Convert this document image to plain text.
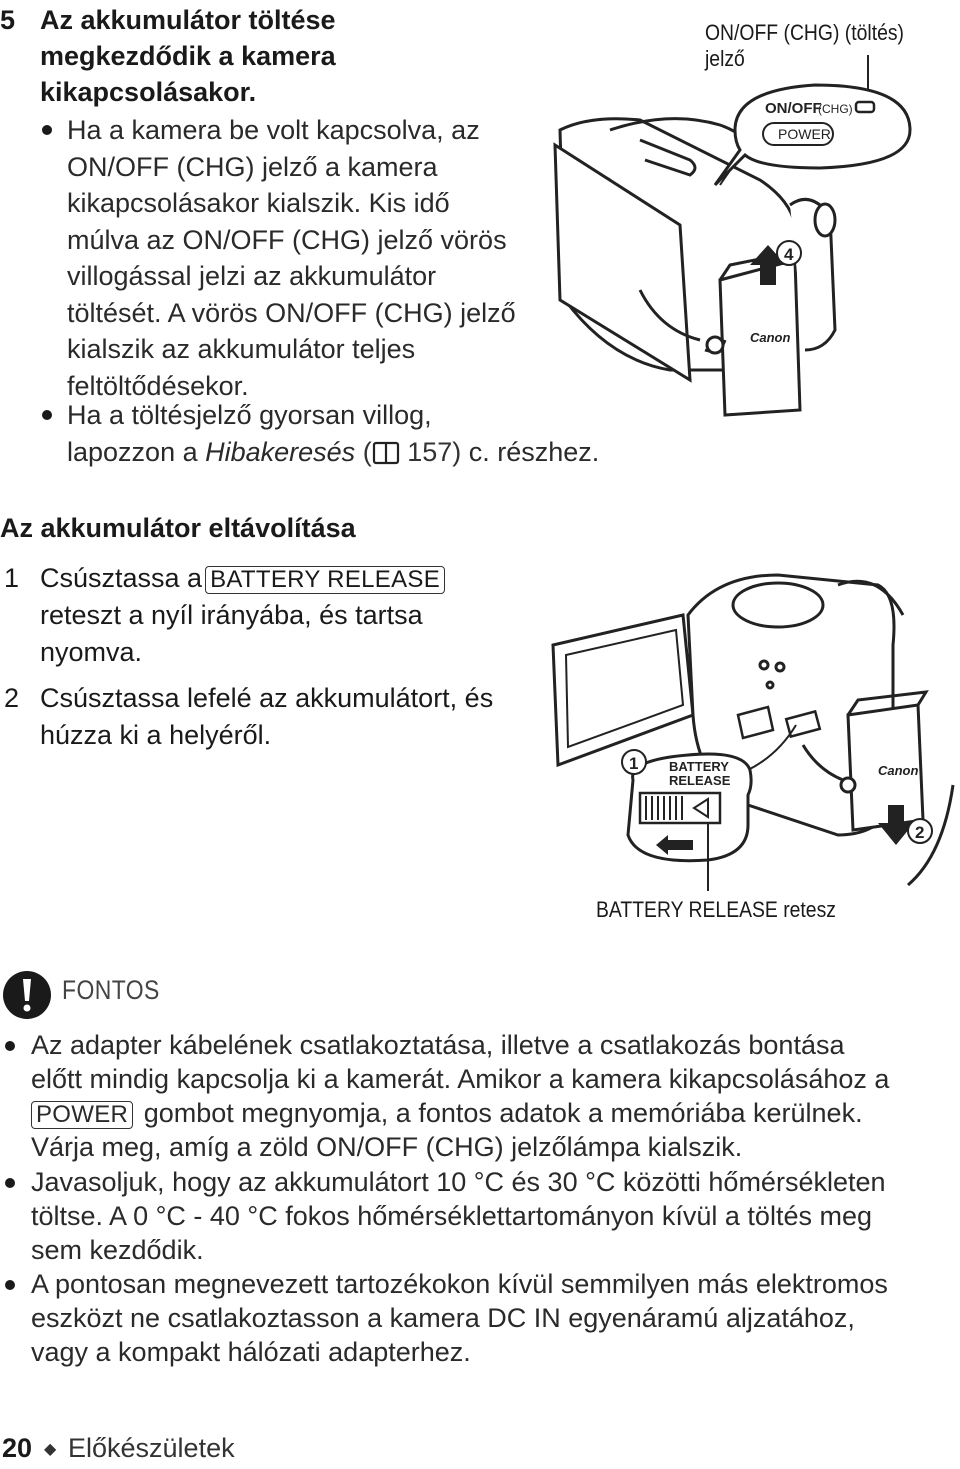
5 Az akkumulátor töltése
megkezdődik a kamera
kikapcsolásakor.
Ha a kamera be volt kapcsolva, az
ON/OFF (CHG) jelző a kamera
kikapcsolásakor kialszik. Kis idő
múlva az ON/OFF (CHG) jelző vörös
villogással jelzi az akkumulátor
töltését. A vörös ON/OFF (CHG) jelző
kialszik az akkumulátor teljes
feltöltődésekor.
Ha a töltésjelző gyorsan villog,
lapozzon a Hibakeresés ( 157) c. részhez.
ON/OFF (CHG) (töltés) jelző
Canon
4
ON/OFF
(CHG)
POWER
Az akkumulátor eltávolítása
1 Csúsztassa a BATTERY RELEASE
reteszt a nyíl irányába, és tartsa
nyomva.
2 Csúsztassa lefelé az akkumulátort, és
húzza ki a helyéről.
Canon
2
1 BATTERY
RELEASE
BATTERY RELEASE retesz
FONTOS
Az adapter kábelének csatlakoztatása, illetve a csatlakozás bontása
előtt mindig kapcsolja ki a kamerát. Amikor a kamera kikapcsolásához a
POWER gombot megnyomja, a fontos adatok a memóriába kerülnek.
Várja meg, amíg a zöld ON/OFF (CHG) jelzőlámpa kialszik.
Javasoljuk, hogy az akkumulátort 10 °C és 30 °C közötti hőmérsékleten
töltse. A 0 °C - 40 °C fokos hőmérséklettartományon kívül a töltés meg
sem kezdődik.
A pontosan megnevezett tartozékokon kívül semmilyen más elektromos
eszközt ne csatlakoztasson a kamera DC IN egyenáramú aljzatához,
vagy a kompakt hálózati adapterhez.
20 ◆ Előkészületek
